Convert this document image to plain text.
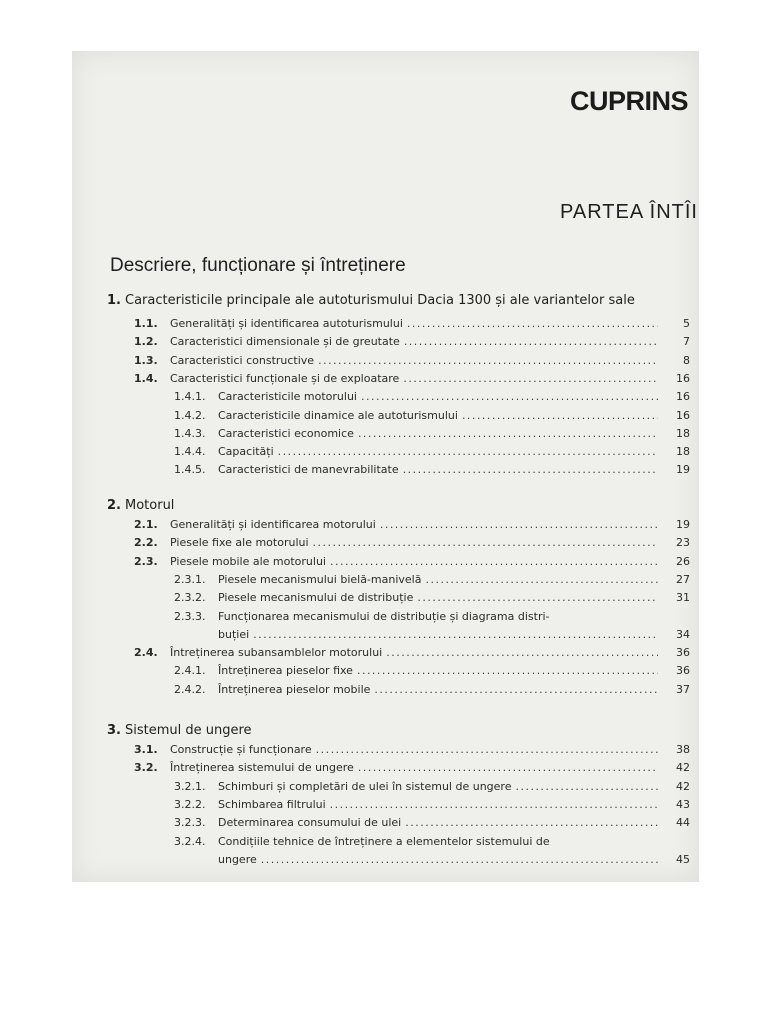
CUPRINS
PARTEA ÎNTÎI
Descriere, funcționare și întreținere
1. Caracteristicile principale ale autoturismului Dacia 1300 și ale variantelor sale
1.1.	Generalități și identificarea autoturismului . . .	5
1.2.	Caracteristici dimensionale și de greutate . . .	7
1.3.	Caracteristici constructive . . .	8
1.4.	Caracteristici funcționale și de exploatare . . .	16
1.4.1.	Caracteristicile motorului . . .	16
1.4.2.	Caracteristicile dinamice ale autoturismului . . .	16
1.4.3.	Caracteristici economice . . .	18
1.4.4.	Capacități . . .	18
1.4.5.	Caracteristici de manevrabilitate . . .	19
2. Motorul
2.1.	Generalități și identificarea motorului . . .	19
2.2.	Piesele fixe ale motorului . . .	23
2.3.	Piesele mobile ale motorului . . .	26
2.3.1.	Piesele mecanismului bielă-manivelă . . .	27
2.3.2.	Piesele mecanismului de distribuție . . .	31
2.3.3.	Funcționarea mecanismului de distribuție și diagrama distri-
buției . . .	34
2.4.	Întreținerea subansamblelor motorului . . .	36
2.4.1.	Întreținerea pieselor fixe . . .	36
2.4.2.	Întreținerea pieselor mobile . . .	37
3. Sistemul de ungere
3.1.	Construcție și funcționare . . .	38
3.2.	Întreținerea sistemului de ungere . . .	42
3.2.1.	Schimburi și completări de ulei în sistemul de ungere . . .	42
3.2.2.	Schimbarea filtrului . . .	43
3.2.3.	Determinarea consumului de ulei . . .	44
3.2.4.	Condițiile tehnice de întreținere a elementelor sistemului de
ungere . . .	45
